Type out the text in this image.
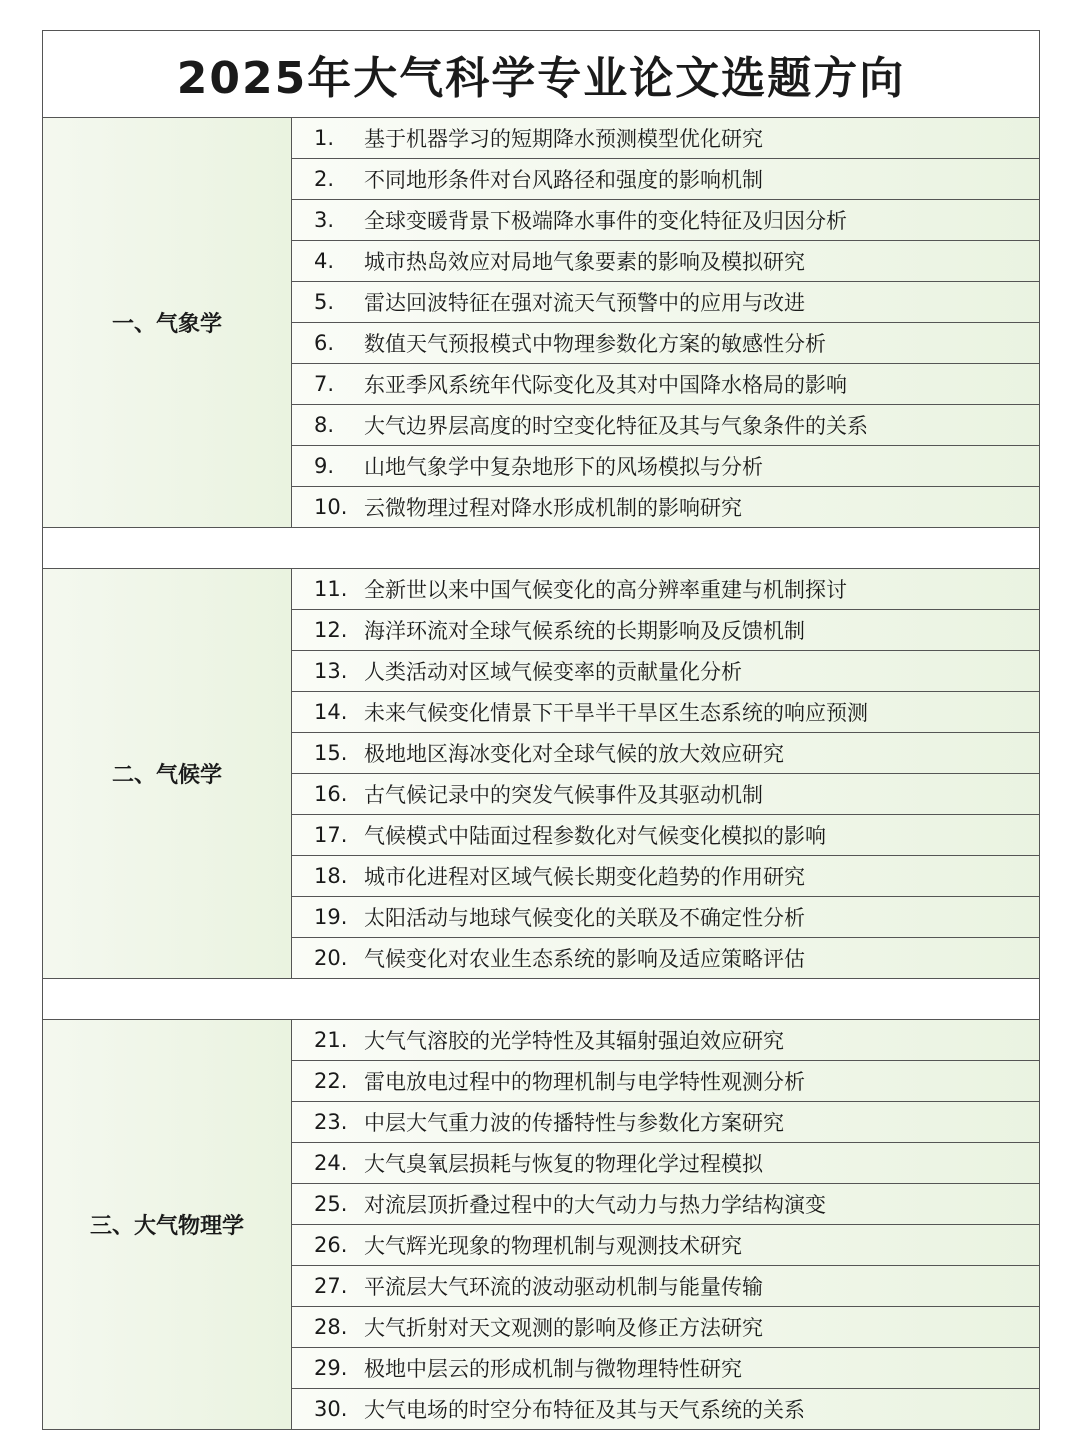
2025年大气科学专业论文选题方向
一、气象学
1.	基于机器学习的短期降水预测模型优化研究
2.	不同地形条件对台风路径和强度的影响机制
3.	全球变暖背景下极端降水事件的变化特征及归因分析
4.	城市热岛效应对局地气象要素的影响及模拟研究
5.	雷达回波特征在强对流天气预警中的应用与改进
6.	数值天气预报模式中物理参数化方案的敏感性分析
7.	东亚季风系统年代际变化及其对中国降水格局的影响
8.	大气边界层高度的时空变化特征及其与气象条件的关系
9.	山地气象学中复杂地形下的风场模拟与分析
10. 云微物理过程对降水形成机制的影响研究
二、气候学
11. 全新世以来中国气候变化的高分辨率重建与机制探讨
12. 海洋环流对全球气候系统的长期影响及反馈机制
13. 人类活动对区域气候变率的贡献量化分析
14. 未来气候变化情景下干旱半干旱区生态系统的响应预测
15. 极地地区海冰变化对全球气候的放大效应研究
16. 古气候记录中的突发气候事件及其驱动机制
17. 气候模式中陆面过程参数化对气候变化模拟的影响
18. 城市化进程对区域气候长期变化趋势的作用研究
19. 太阳活动与地球气候变化的关联及不确定性分析
20. 气候变化对农业生态系统的影响及适应策略评估
三、大气物理学
21. 大气气溶胶的光学特性及其辐射强迫效应研究
22. 雷电放电过程中的物理机制与电学特性观测分析
23. 中层大气重力波的传播特性与参数化方案研究
24. 大气臭氧层损耗与恢复的物理化学过程模拟
25. 对流层顶折叠过程中的大气动力与热力学结构演变
26. 大气辉光现象的物理机制与观测技术研究
27. 平流层大气环流的波动驱动机制与能量传输
28. 大气折射对天文观测的影响及修正方法研究
29. 极地中层云的形成机制与微物理特性研究
30. 大气电场的时空分布特征及其与天气系统的关系
